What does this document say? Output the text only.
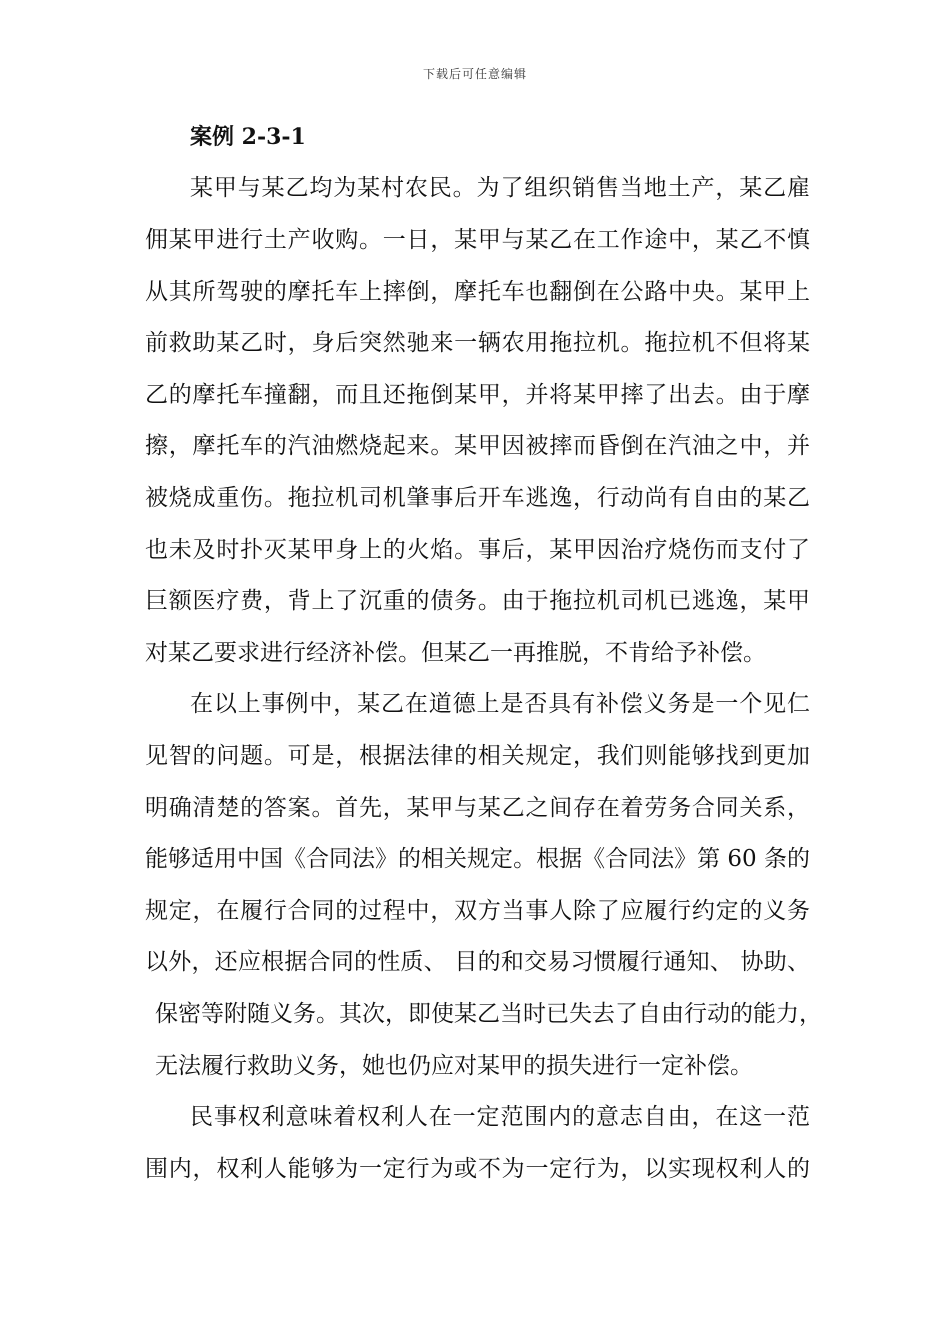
下载后可任意编辑
案例 2-3-1
某甲与某乙均为某村农民。为了组织销售当地土产，某乙雇
佣某甲进行土产收购。一日，某甲与某乙在工作途中，某乙不慎
从其所驾驶的摩托车上摔倒，摩托车也翻倒在公路中央。某甲上
前救助某乙时，身后突然驰来一辆农用拖拉机。拖拉机不但将某
乙的摩托车撞翻，而且还拖倒某甲，并将某甲摔了出去。由于摩
擦，摩托车的汽油燃烧起来。某甲因被摔而昏倒在汽油之中，并
被烧成重伤。拖拉机司机肇事后开车逃逸，行动尚有自由的某乙
也未及时扑灭某甲身上的火焰。事后，某甲因治疗烧伤而支付了
巨额医疗费，背上了沉重的债务。由于拖拉机司机已逃逸，某甲
对某乙要求进行经济补偿。但某乙一再推脱，不肯给予补偿。
在以上事例中，某乙在道德上是否具有补偿义务是一个见仁
见智的问题。可是，根据法律的相关规定，我们则能够找到更加
明确清楚的答案。首先，某甲与某乙之间存在着劳务合同关系，
能够适用中国《合同法》的相关规定。根据《合同法》第 60 条的
规定，在履行合同的过程中，双方当事人除了应履行约定的义务
以外，还应根据合同的性质、 目的和交易习惯履行通知、 协助、
保密等附随义务。其次，即使某乙当时已失去了自由行动的能力，
无法履行救助义务，她也仍应对某甲的损失进行一定补偿。
民事权利意味着权利人在一定范围内的意志自由，在这一范
围内，权利人能够为一定行为或不为一定行为，以实现权利人的
